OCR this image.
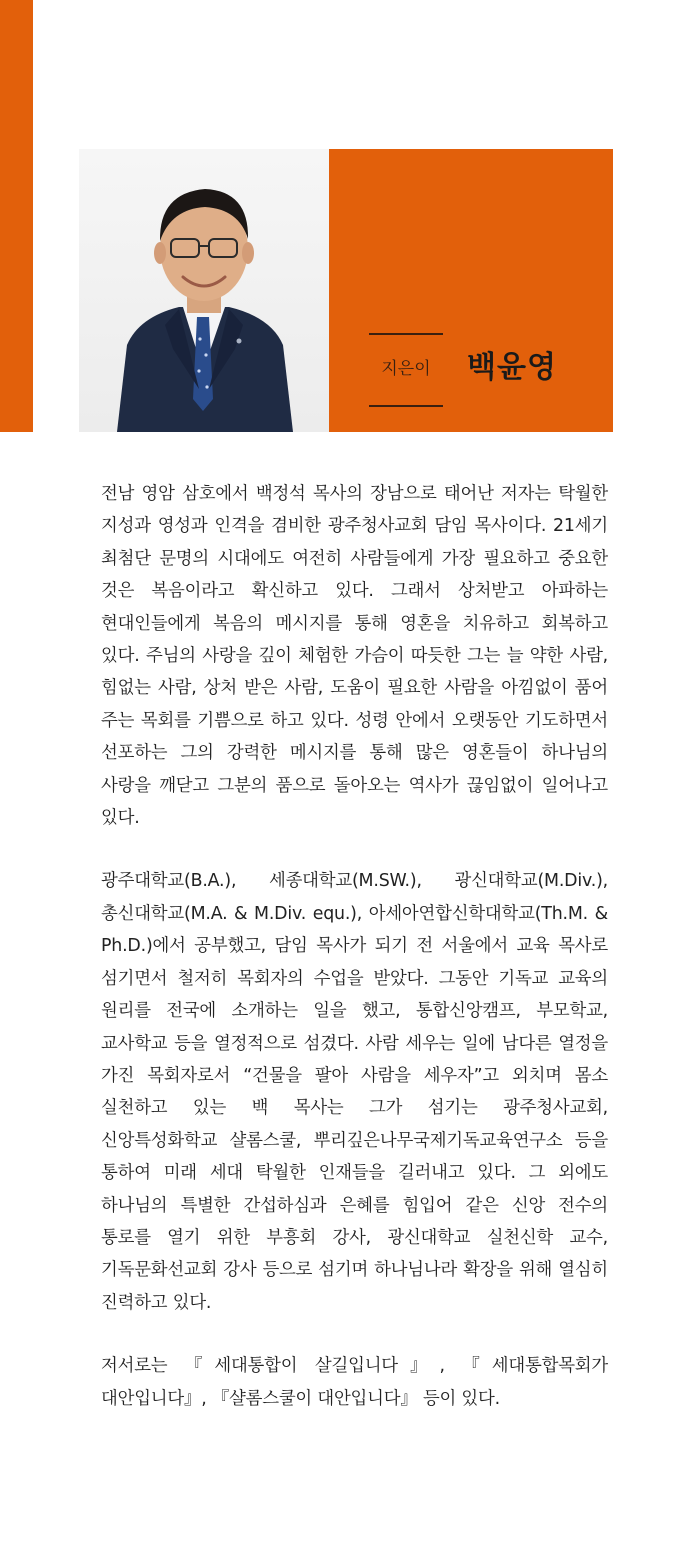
지은이	백윤영

전남 영암 삼호에서 백정석 목사의 장남으로 태어난 저자는 탁월한 지성과 영성과 인격을 겸비한 광주청사교회 담임 목사이다. 21세기 최첨단 문명의 시대에도 여전히 사람들에게 가장 필요하고 중요한 것은 복음이라고 확신하고 있다. 그래서 상처받고 아파하는 현대인들에게 복음의 메시지를 통해 영혼을 치유하고 회복하고 있다. 주님의 사랑을 깊이 체험한 가슴이 따듯한 그는 늘 약한 사람, 힘없는 사람, 상처 받은 사람, 도움이 필요한 사람을 아낌없이 품어 주는 목회를 기쁨으로 하고 있다. 성령 안에서 오랫동안 기도하면서 선포하는 그의 강력한 메시지를 통해 많은 영혼들이 하나님의 사랑을 깨닫고 그분의 품으로 돌아오는 역사가 끊임없이 일어나고 있다.

광주대학교(B.A.), 세종대학교(M.SW.), 광신대학교(M.Div.), 총신대학교(M.A. & M.Div. equ.), 아세아연합신학대학교(Th.M. & Ph.D.)에서 공부했고, 담임 목사가 되기 전 서울에서 교육 목사로 섬기면서 철저히 목회자의 수업을 받았다. 그동안 기독교 교육의 원리를 전국에 소개하는 일을 했고, 통합신앙캠프, 부모학교, 교사학교 등을 열정적으로 섬겼다. 사람 세우는 일에 남다른 열정을 가진 목회자로서 “건물을 팔아 사람을 세우자”고 외치며 몸소 실천하고 있는 백 목사는 그가 섬기는 광주청사교회, 신앙특성화학교 샬롬스쿨, 뿌리깊은나무국제기독교육연구소 등을 통하여 미래 세대 탁월한 인재들을 길러내고 있다. 그 외에도 하나님의 특별한 간섭하심과 은혜를 힘입어 같은 신앙 전수의 통로를 열기 위한 부흥회 강사, 광신대학교 실천신학 교수, 기독문화선교회 강사 등으로 섬기며 하나님나라 확장을 위해 열심히 진력하고 있다.

저서로는 『세대통합이 살길입니다』, 『세대통합목회가 대안입니다』, 『샬롬스쿨이 대안입니다』 등이 있다.
